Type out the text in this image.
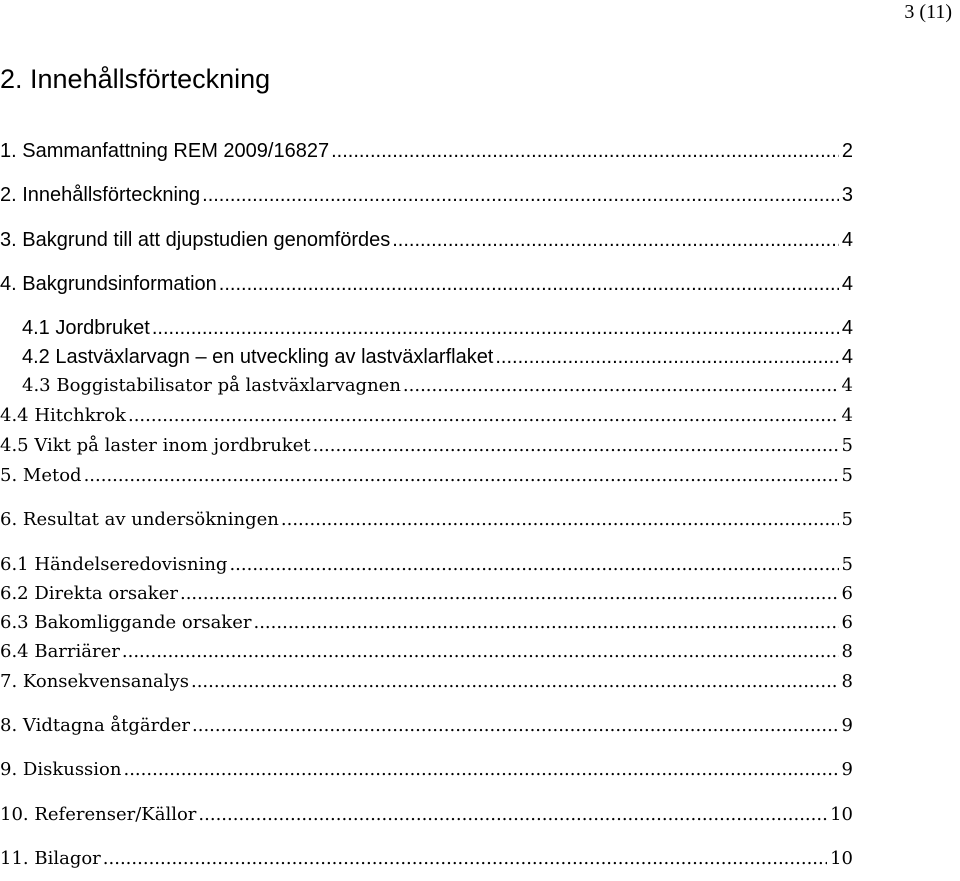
3 (11)
2. Innehållsförteckning
1. Sammanfattning REM 2009/16827 .....	2
2. Innehållsförteckning .....	3
3. Bakgrund till att djupstudien genomfördes .....	4
4. Bakgrundsinformation .....	4
4.1 Jordbruket .....	4
4.2 Lastväxlarvagn – en utveckling av lastväxlarflaket .....	4
4.3 Boggistabilisator på lastväxlarvagnen .....	4
4.4 Hitchkrok .....	4
4.5 Vikt på laster inom jordbruket .....	5
5. Metod .....	5
6. Resultat av undersökningen .....	5
6.1 Händelseredovisning .....	5
6.2 Direkta orsaker .....	6
6.3 Bakomliggande orsaker .....	6
6.4 Barriärer .....	8
7. Konsekvensanalys .....	8
8. Vidtagna åtgärder .....	9
9. Diskussion .....	9
10. Referenser/Källor .....	10
11. Bilagor .....	10
